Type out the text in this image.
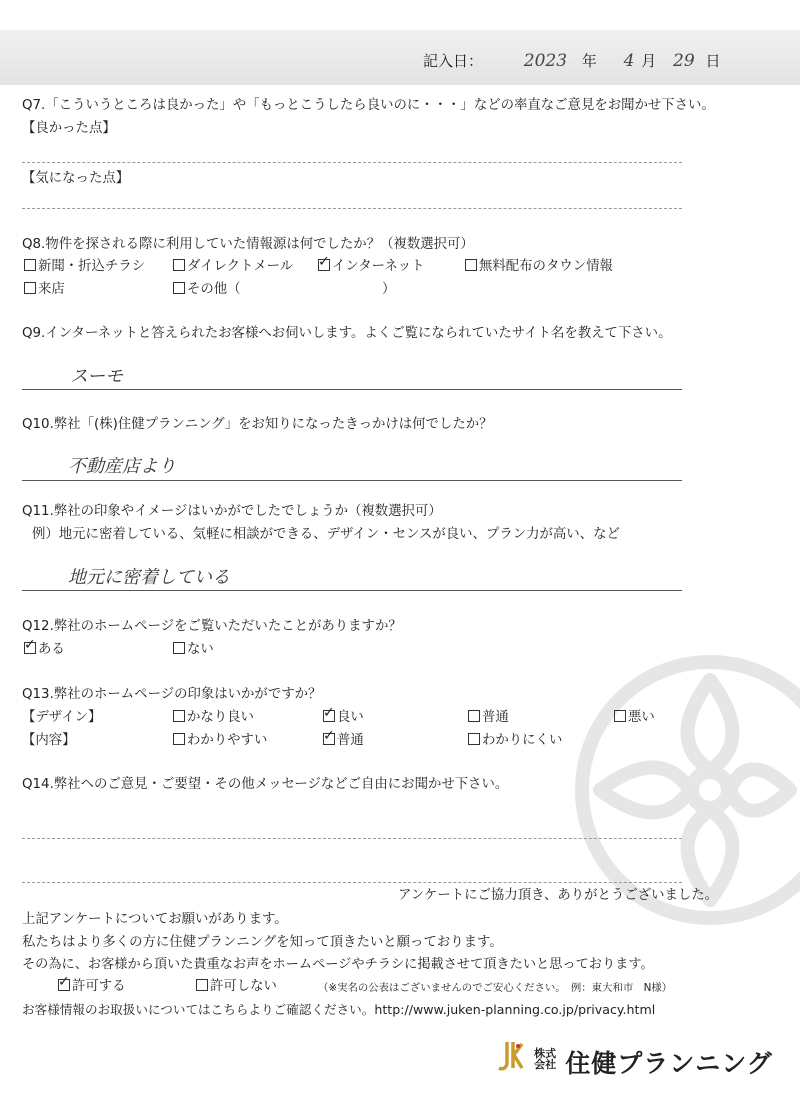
記入日： 2023 年 4 月 29 日
Q7.「こういうところは良かった」や「もっとこうしたら良いのに・・・」などの率直なご意見をお聞かせ下さい。
【良かった点】
【気になった点】
Q8.物件を探される際に利用していた情報源は何でしたか？（複数選択可）
新聞・折込チラシ	ダイレクトメール ✓ インターネット	無料配布のタウン情報
来店	その他（	）
Q9.インターネットと答えられたお客様へお伺いします。よくご覧になられていたサイト名を教えて下さい。
スーモ
Q10.弊社「(株)住健プランニング」をお知りになったきっかけは何でしたか？
不動産店より
Q11.弊社の印象やイメージはいかがでしたでしょうか（複数選択可）
例）地元に密着している、気軽に相談ができる、デザイン・センスが良い、プラン力が高い、など
地元に密着している
Q12.弊社のホームページをご覧いただいたことがありますか？
✓ ある	ない
Q13.弊社のホームページの印象はいかがですか？
【デザイン】	かなり良い	✓ 良い	普通	悪い
【内容】	わかりやすい	✓ 普通	わかりにくい
Q14.弊社へのご意見・ご要望・その他メッセージなどご自由にお聞かせ下さい。
アンケートにご協力頂き、ありがとうございました。
上記アンケートについてお願いがあります。
私たちはより多くの方に住健プランニングを知って頂きたいと願っております。
その為に、お客様から頂いた貴重なお声をホームページやチラシに掲載させて頂きたいと思っております。
✓ 許可する	許可しない	（※実名の公表はございませんのでご安心ください。　例：東大和市　N様）
お客様情報のお取扱いについてはこちらよりご確認ください。http://www.juken-planning.co.jp/privacy.html
株式会社 住健プランニング
